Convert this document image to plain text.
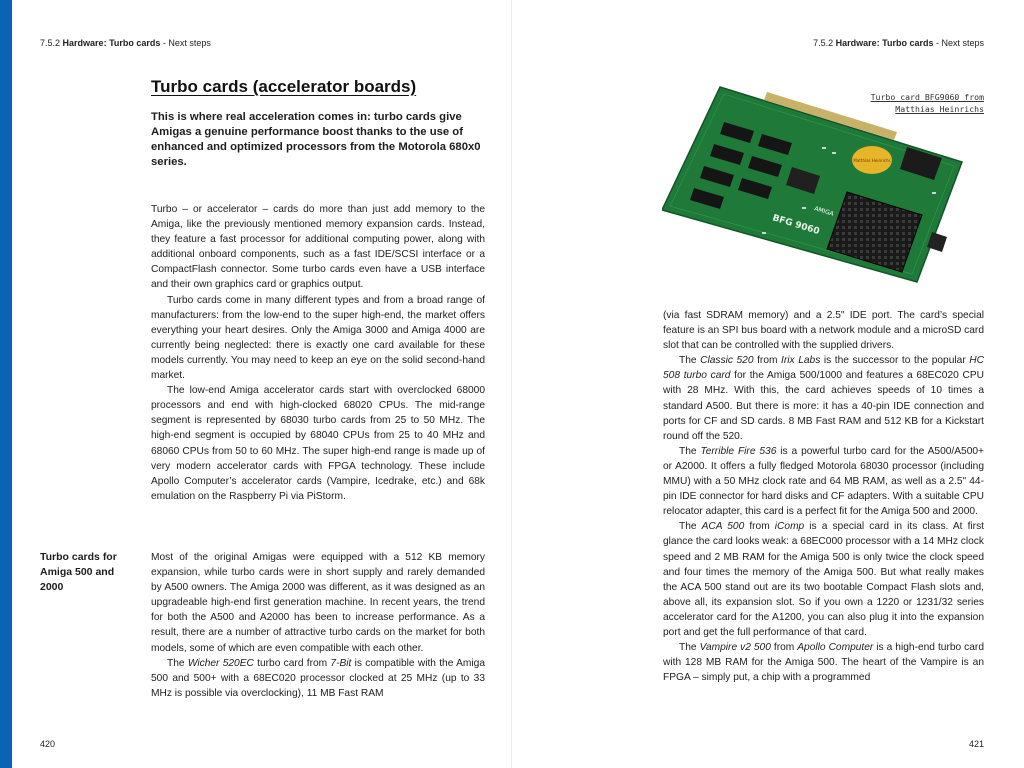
7.5.2 Hardware: Turbo cards - Next steps
Turbo cards (accelerator boards)

This is where real acceleration comes in: turbo cards give Amigas a genuine performance boost thanks to the use of enhanced and optimized processors from the Motorola 680x0 series.

Turbo – or accelerator – cards do more than just add memory to the Amiga, like the previously mentioned memory expansion cards. Instead, they feature a fast processor for additional computing power, along with additional onboard components, such as a fast IDE/SCSI interface or a CompactFlash connector. Some turbo cards even have a USB interface and their own graphics card or graphics output.

Turbo cards come in many different types and from a broad range of manufacturers: from the low-end to the super high-end, the market offers everything your heart desires. Only the Amiga 3000 and Amiga 4000 are currently being neglected: there is exactly one card available for these models currently. You may need to keep an eye on the solid second-hand market.

The low-end Amiga accelerator cards start with overclocked 68000 processors and end with high-clocked 68020 CPUs. The mid-range segment is represented by 68030 turbo cards from 25 to 50 MHz. The high-end segment is occupied by 68040 CPUs from 25 to 40 MHz and 68060 CPUs from 50 to 60 MHz. The super high-end range is made up of very modern accelerator cards with FPGA technology. These include Apollo Computer’s accelerator cards (Vampire, Icedrake, etc.) and 68k emulation on the Raspberry Pi via PiStorm.

Turbo cards for Amiga 500 and 2000

Most of the original Amigas were equipped with a 512 KB memory expansion, while turbo cards were in short supply and rarely demanded by A500 owners. The Amiga 2000 was different, as it was designed as an upgradeable high-end first generation machine. In recent years, the trend for both the A500 and A2000 has been to increase performance. As a result, there are a number of attractive turbo cards on the market for both models, some of which are even compatible with each other.

The Wicher 520EC turbo card from 7-Bit is compatible with the Amiga 500 and 500+ with a 68EC020 processor clocked at 25 MHz (up to 33 MHz is possible via overclocking), 11 MB Fast RAM

420
7.5.2 Hardware: Turbo cards - Next steps
Matthias Heinrichs
BFG 9060
AMIGA
Turbo card BFG9060 from
Matthias Heinrichs

(via fast SDRAM memory) and a 2.5" IDE port. The card’s special feature is an SPI bus board with a network module and a microSD card slot that can be controlled with the supplied drivers.

The Classic 520 from Irix Labs is the successor to the popular HC 508 turbo card for the Amiga 500/1000 and features a 68EC020 CPU with 28 MHz. With this, the card achieves speeds of 10 times a standard A500. But there is more: it has a 40-pin IDE connection and ports for CF and SD cards. 8 MB Fast RAM and 512 KB for a Kickstart round off the 520.

The Terrible Fire 536 is a powerful turbo card for the A500/A500+ or A2000. It offers a fully fledged Motorola 68030 processor (including MMU) with a 50 MHz clock rate and 64 MB RAM, as well as a 2.5" 44-pin IDE connector for hard disks and CF adapters. With a suitable CPU relocator adapter, this card is a perfect fit for the Amiga 500 and 2000.

The ACA 500 from iComp is a special card in its class. At first glance the card looks weak: a 68EC000 processor with a 14 MHz clock speed and 2 MB RAM for the Amiga 500 is only twice the clock speed and four times the memory of the Amiga 500. But what really makes the ACA 500 stand out are its two bootable Compact Flash slots and, above all, its expansion slot. So if you own a 1220 or 1231/32 series accelerator card for the A1200, you can also plug it into the expansion port and get the full performance of that card.

The Vampire v2 500 from Apollo Computer is a high-end turbo card with 128 MB RAM for the Amiga 500. The heart of the Vampire is an FPGA – simply put, a chip with a programmed

421
